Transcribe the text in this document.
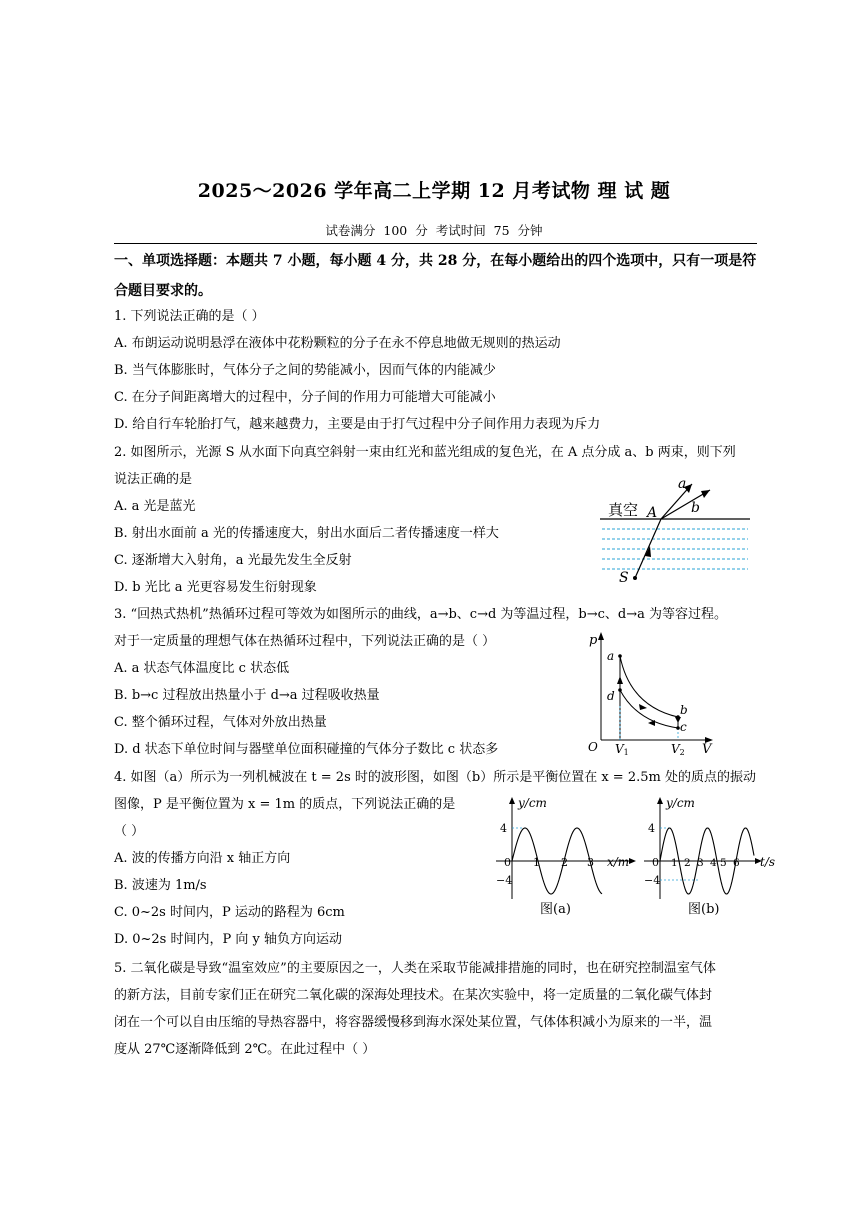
2025～2026 学年高二上学期 12 月考试物 理 试 题
试卷满分 100 分 考试时间 75 分钟
一、单项选择题：本题共 7 小题，每小题 4 分，共 28 分，在每小题给出的四个选项中，只有一项是符合题目要求的。
1. 下列说法正确的是（ ）
A. 布朗运动说明悬浮在液体中花粉颗粒的分子在永不停息地做无规则的热运动
B. 当气体膨胀时，气体分子之间的势能减小，因而气体的内能减少
C. 在分子间距离增大的过程中，分子间的作用力可能增大可能减小
D. 给自行车轮胎打气，越来越费力，主要是由于打气过程中分子间作用力表现为斥力
2. 如图所示，光源 S 从水面下向真空斜射一束由红光和蓝光组成的复色光，在 A 点分成 a、b 两束，则下列
说法正确的是
A. a 光是蓝光
B. 射出水面前 a 光的传播速度大，射出水面后二者传播速度一样大
C. 逐渐增大入射角，a 光最先发生全反射
D. b 光比 a 光更容易发生衍射现象
真空 A
a
b
S
3. “回热式热机”热循环过程可等效为如图所示的曲线，a→b、c→d 为等温过程，b→c、d→a 为等容过程。
对于一定质量的理想气体在热循环过程中，下列说法正确的是（ ）
A. a 状态气体温度比 c 状态低
B. b→c 过程放出热量小于 d→a 过程吸收热量
C. 整个循环过程，气体对外放出热量
D. d 状态下单位时间与器壁单位面积碰撞的气体分子数比 c 状态多
p
V
O
a
b
c
d
V1	V2
4. 如图（a）所示为一列机械波在 t = 2s 时的波形图，如图（b）所示是平衡位置在 x = 2.5m 处的质点的振动
图像，P 是平衡位置为 x = 1m 的质点，下列说法正确的是
（ ）
A. 波的传播方向沿 x 轴正方向
B. 波速为 1m/s
C. 0~2s 时间内，P 运动的路程为 6cm
D. 0~2s 时间内，P 向 y 轴负方向运动
y/cm
x/m
4
−4
0 1 2 3
图(a)
y/cm
t/s
4
−4
0 1 2 3 4 5 6
图(b)
5. 二氧化碳是导致“温室效应”的主要原因之一，人类在采取节能减排措施的同时，也在研究控制温室气体
的新方法，目前专家们正在研究二氧化碳的深海处理技术。在某次实验中，将一定质量的二氧化碳气体封
闭在一个可以自由压缩的导热容器中，将容器缓慢移到海水深处某位置，气体体积减小为原来的一半，温
度从 27℃逐渐降低到 2℃。在此过程中（ ）
